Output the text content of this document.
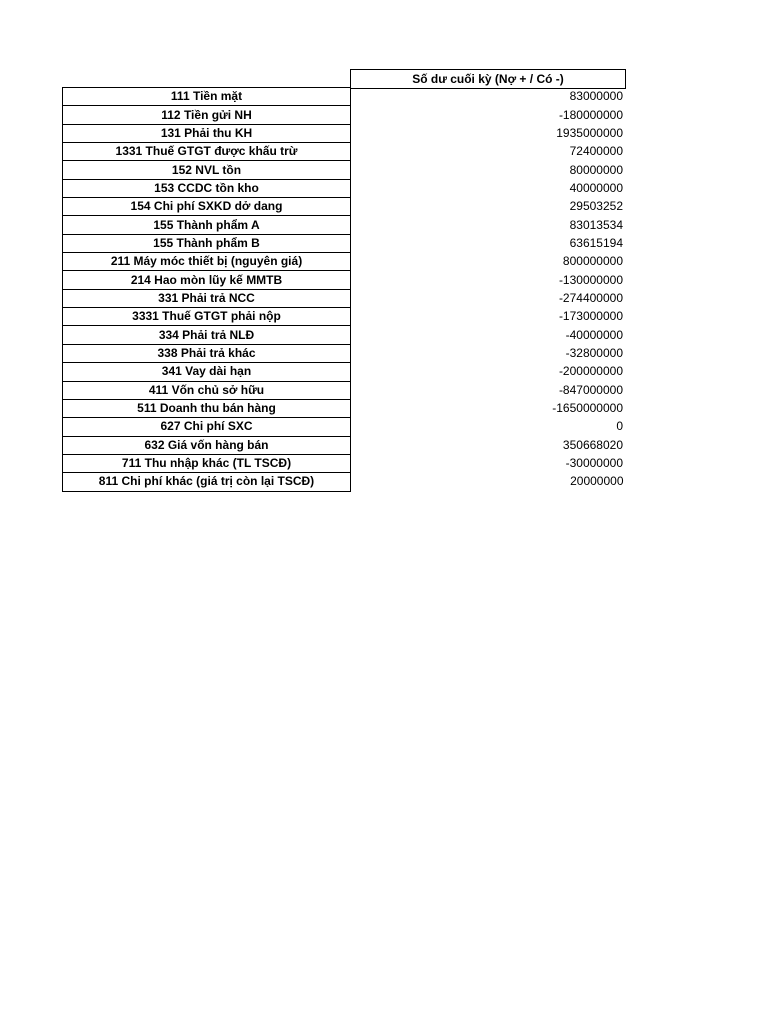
Số dư cuối kỳ (Nợ + / Có -)
111 Tiền mặt	83000000
112 Tiền gửi NH	-180000000
131 Phải thu KH	1935000000
1331 Thuế GTGT được khấu trừ	72400000
152 NVL tồn	80000000
153 CCDC tồn kho	40000000
154 Chi phí SXKD dở dang	29503252
155 Thành phẩm A	83013534
155 Thành phẩm B	63615194
211 Máy móc thiết bị (nguyên giá)	800000000
214 Hao mòn lũy kế MMTB	-130000000
331 Phải trả NCC	-274400000
3331 Thuế GTGT phải nộp	-173000000
334 Phải trả NLĐ	-40000000
338 Phải trả khác	-32800000
341 Vay dài hạn	-200000000
411 Vốn chủ sở hữu	-847000000
511 Doanh thu bán hàng	-1650000000
627 Chi phí SXC	0
632 Giá vốn hàng bán	350668020
711 Thu nhập khác (TL TSCĐ)	-30000000
811 Chi phí khác (giá trị còn lại TSCĐ)	20000000
